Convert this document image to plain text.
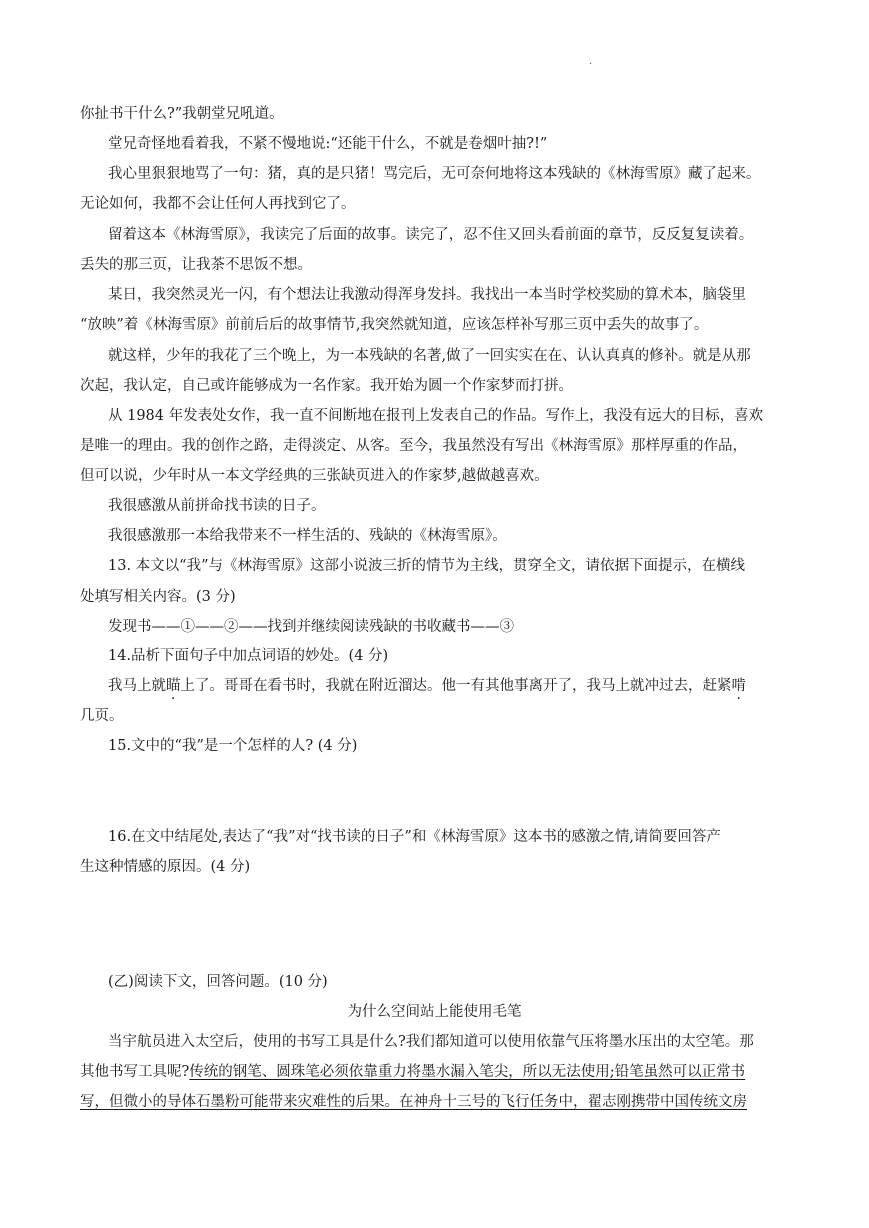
.
你扯书干什么?”我朝堂兄吼道。
堂兄奇怪地看着我，不紧不慢地说:“还能干什么，不就是卷烟叶抽?!”
我心里狠狠地骂了一句：猪，真的是只猪！骂完后，无可奈何地将这本残缺的《林海雪原》藏了起来。
无论如何，我都不会让任何人再找到它了。
留着这本《林海雪原》，我读完了后面的故事。读完了，忍不住又回头看前面的章节，反反复复读着。
丢失的那三页，让我茶不思饭不想。
某日，我突然灵光一闪，有个想法让我激动得浑身发抖。我找出一本当时学校奖励的算术本，脑袋里
“放映”着《林海雪原》前前后后的故事情节,我突然就知道，应该怎样补写那三页中丢失的故事了。
就这样，少年的我花了三个晚上，为一本残缺的名著,做了一回实实在在、认认真真的修补。就是从那
次起，我认定，自己或许能够成为一名作家。我开始为圆一个作家梦而打拼。
从 1984 年发表处女作，我一直不间断地在报刊上发表自己的作品。写作上，我没有远大的目标，喜欢
是唯一的理由。我的创作之路，走得淡定、从客。至今，我虽然没有写出《林海雪原》那样厚重的作品，
但可以说，少年时从一本文学经典的三张缺页进入的作家梦,越做越喜欢。
我很感激从前拼命找书读的日子。
我很感激那一本给我带来不一样生活的、残缺的《林海雪原》。
13. 本文以“我”与《林海雪原》这部小说波三折的情节为主线，贯穿全文，请依据下面提示，在横线
处填写相关内容。(3 分)
发现书——①——②——找到并继续阅读残缺的书收藏书——③
14.品析下面句子中加点词语的妙处。(4 分)
我马上就瞄上了。哥哥在看书时，我就在附近溜达。他一有其他事离开了，我马上就冲过去，赶紧啃
几页。
15.文中的“我”是一个怎样的人? (4 分)
16.在文中结尾处,表达了“我”对“找书读的日子”和《林海雪原》这本书的感激之情,请简要回答产
生这种情感的原因。(4 分)
(乙)阅读下文，回答问题。(10 分)
为什么空间站上能使用毛笔
当宇航员进入太空后，使用的书写工具是什么?我们都知道可以使用依靠气压将墨水压出的太空笔。那
其他书写工具呢?传统的钢笔、圆珠笔必须依靠重力将墨水漏入笔尖，所以无法使用;铅笔虽然可以正常书
写，但微小的导体石墨粉可能带来灾难性的后果。在神舟十三号的飞行任务中，翟志刚携带中国传统文房
